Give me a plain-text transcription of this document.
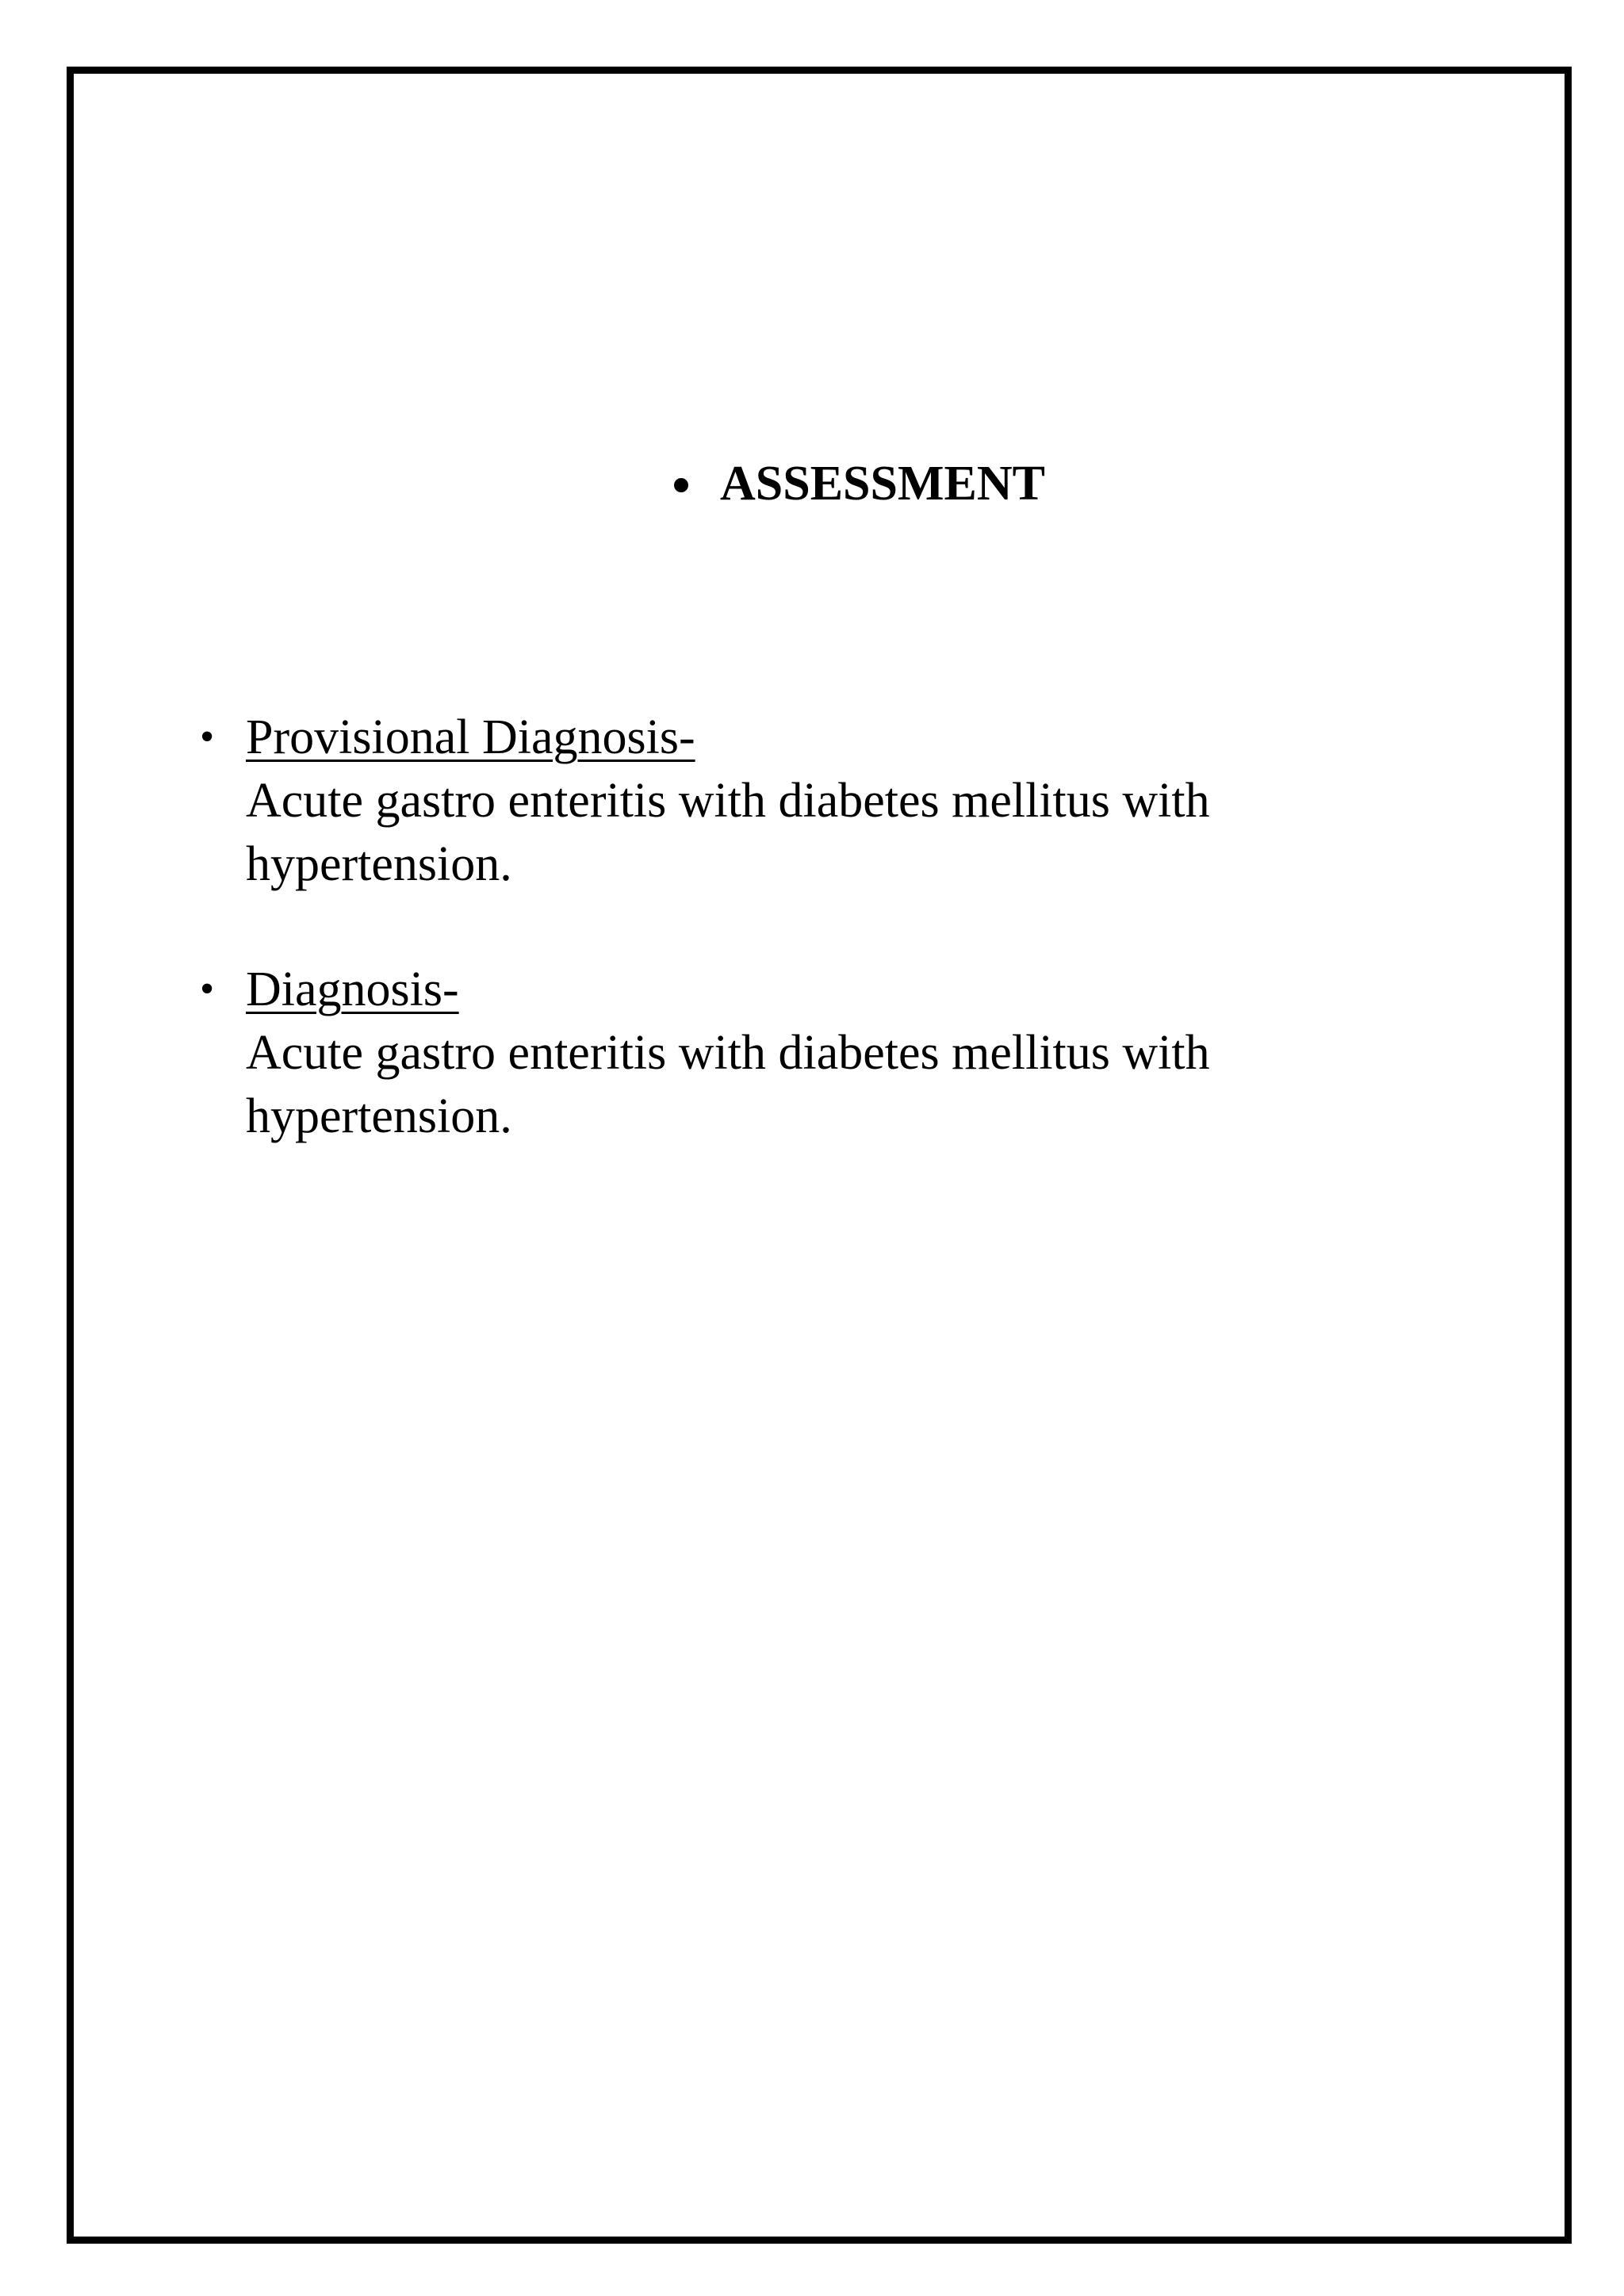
ASSESSMENT
• Provisional Diagnosis-
Acute gastro enteritis with diabetes mellitus with hypertension.
• Diagnosis-
Acute gastro enteritis with diabetes mellitus with hypertension.
